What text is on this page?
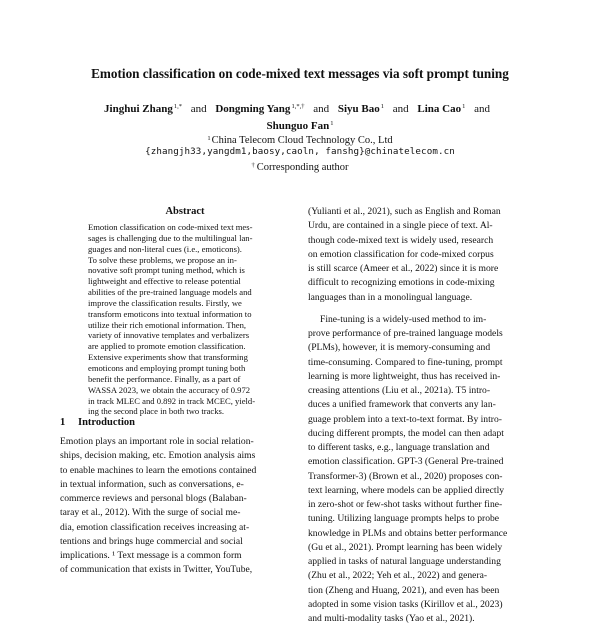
Emotion classification on code-mixed text messages via soft prompt tuning
Jinghui Zhang$^{1,*}$ and Dongming Yang$^{1,*,\dagger}$ and Siyu Bao$^1$ and Lina Cao$^1$ and
Shunguo Fan$^1$
$^1$China Telecom Cloud Technology Co., Ltd
{zhangjh33,yangdm1,baosy,caoln, fanshg}@chinatelecom.cn
† Corresponding author
Abstract
Emotion classification on code-mixed text mes-
sages is challenging due to the multilingual lan-
guages and non-literal cues (i.e., emoticons).
To solve these problems, we propose an in-
novative soft prompt tuning method, which is
lightweight and effective to release potential
abilities of the pre-trained language models and
improve the classification results. Firstly, we
transform emoticons into textual information to
utilize their rich emotional information. Then,
variety of innovative templates and verbalizers
are applied to promote emotion classification.
Extensive experiments show that transforming
emoticons and employing prompt tuning both
benefit the performance. Finally, as a part of
WASSA 2023, we obtain the accuracy of 0.972
in track MLEC and 0.892 in track MCEC, yield-
ing the second place in both two tracks.
1 Introduction
Emotion plays an important role in social relation-
ships, decision making, etc. Emotion analysis aims
to enable machines to learn the emotions contained
in textual information, such as conversations, e-
commerce reviews and personal blogs (Balaban-
taray et al., 2012). With the surge of social me-
dia, emotion classification receives increasing at-
tentions and brings huge commercial and social
implications. ¹ Text message is a common form
of communication that exists in Twitter, YouTube,
(Yulianti et al., 2021), such as English and Roman
Urdu, are contained in a single piece of text. Al-
though code-mixed text is widely used, research
on emotion classification for code-mixed corpus
is still scarce (Ameer et al., 2022) since it is more
difficult to recognizing emotions in code-mixing
languages than in a monolingual language.
Fine-tuning is a widely-used method to im-
prove performance of pre-trained language models
(PLMs), however, it is memory-consuming and
time-consuming. Compared to fine-tuning, prompt
learning is more lightweight, thus has received in-
creasing attentions (Liu et al., 2021a). T5 intro-
duces a unified framework that converts any lan-
guage problem into a text-to-text format. By intro-
ducing different prompts, the model can then adapt
to different tasks, e.g., language translation and
emotion classification. GPT-3 (General Pre-trained
Transformer-3) (Brown et al., 2020) proposes con-
text learning, where models can be applied directly
in zero-shot or few-shot tasks without further fine-
tuning. Utilizing language prompts helps to probe
knowledge in PLMs and obtains better performance
(Gu et al., 2021). Prompt learning has been widely
applied in tasks of natural language understanding
(Zhu et al., 2022; Yeh et al., 2022) and genera-
tion (Zheng and Huang, 2021), and even has been
adopted in some vision tasks (Kirillov et al., 2023)
and multi-modality tasks (Yao et al., 2021).
